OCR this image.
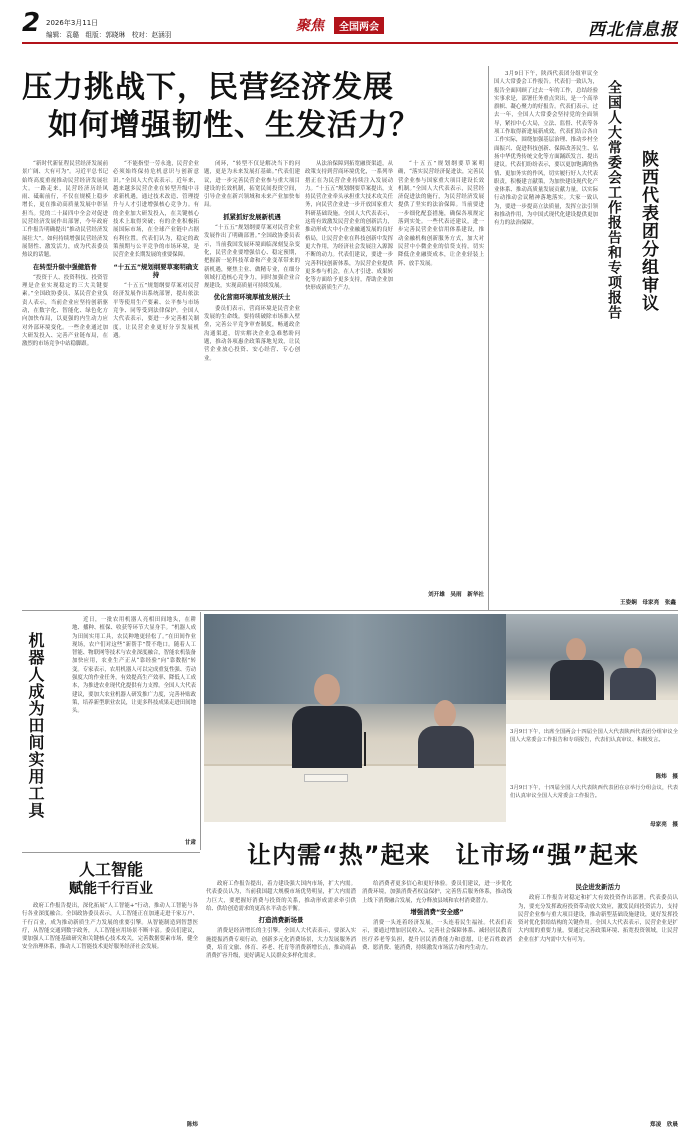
2 2026年3月11日
编辑：袁璐　组版：郭晓琳　校对：赵涵羽
聚焦	全国两会	西北信息报
压力挑战下，民营经济发展
如何增强韧性、生发活力？

“新时代新征程民营经济发展前景广阔、大有可为”。习近平总书记始终高度重视推动民营经济发展壮大。一路走来，民营经济历经风雨、砥砺前行，不仅在规模上稳步增长，更在推动高质量发展中彰显担当。党的二十届四中全会对促进民营经济发展作出部署，今年政府工作报告明确提出“推动民营经济发展壮大”。如何持续增强民营经济发展韧性、激发活力，成为代表委员热议的话题。

在转型升级中强健筋骨

“投资于人、投资科技、投资管理是企业实现稳定的三大关键要素。”全国政协委员、某民营企业负责人表示，当前企业应坚持创新驱动，在数字化、智能化、绿色化方向加快布局，以更强的内生动力应对外部环境变化。一些企业通过加大研发投入、完善产业链布局，在激烈的市场竞争中站稳脚跟。

“不能指望一劳永逸，民营企业必须始终保持危机意识与创新意识。”全国人大代表表示。近年来，越来越多民营企业在转型升级中寻求新机遇，通过技术改造、管理提升与人才引进增强核心竞争力。有的企业加大研发投入，在关键核心技术上取得突破；有的企业积极拓展国际市场，在全球产业链中占据有利位置。代表们认为，稳定的政策预期与公平竞争的市场环境，是民营企业长期发展的重要保障。

“十五五”规划纲要草案明确支持

“十五五”规划纲要草案对民营经济发展作出系统部署，提出依法平等使用生产要素、公平参与市场竞争、同等受到法律保护。全国人大代表表示，要进一步完善相关制度，让民营企业更好分享发展机遇。

闭环，“转型不仅是解决当下的问题，更是为未来发展打基础。”代表们建议，进一步完善民营企业参与重大项目建设的长效机制，拓宽民间投资空间，引导企业在新兴领域和未来产业加快布局。

抓紧抓好发展新机遇

“十五五”规划纲要草案对民营企业发展作出了明确部署。”全国政协委员表示，当前我国发展环境面临深刻复杂变化，民营企业要增强信心、稳定预期，把握新一轮科技革命和产业变革带来的新机遇，聚焦主业、做精专业，在细分领域打造核心竞争力，同时加强企业合规建设，实现高质量可持续发展。

优化营商环境厚植发展沃土

委员们表示，营商环境是民营企业发展的生命线。要持续破除市场准入壁垒，完善公平竞争审查制度，畅通政企沟通渠道，切实解决企业急难愁盼问题，推动各项惠企政策落地见效，让民营企业放心投资、安心经营、专心创业。

从法治保障到拓宽融资渠道，从政策支持到营商环境优化，一系列举措正在为民营企业持续注入发展动力。“十五五”规划纲要草案提出，支持民营企业牵头承担重大技术攻关任务，向民营企业进一步开放国家重大科研基础设施。全国人大代表表示，这将有效激发民营企业的创新活力，推动形成大中小企业融通发展的良好格局，让民营企业在科技创新中发挥更大作用，为经济社会发展注入源源不断的动力。代表们建议，要进一步完善科技创新体系，为民营企业提供更多参与机会，在人才引进、成果转化等方面给予更多支持，帮助企业加快形成新质生产力。

“十五五”规划纲要草案明确，“落实民营经济促进法，完善民营企业参与国家重大项目建设长效机制。”全国人大代表表示，民营经济促进法的施行，为民营经济发展提供了坚实的法治保障。当前要进一步细化配套措施，确保各项规定落到实处。一些代表还建议，进一步完善民营企业信用体系建设，推动金融机构创新服务方式，加大对民营中小微企业的信贷支持，切实降低企业融资成本，让企业轻装上阵、放手发展。

刘开雄　吴雨　新华社
陕西代表团分组审议
全国人大常委会工作报告和专项报告

3月9日下午，陕西代表团分组审议全国人大常委会工作报告。代表们一致认为，报告全面回顾了过去一年的工作，总结经验实事求是，部署任务重点突出，是一个高举旗帜、凝心聚力的好报告。代表们表示，过去一年，全国人大常委会坚持党的全面领导，紧扣中心大局，立法、监督、代表等各项工作取得新进展新成效。代表们结合各自工作实际，围绕加强基层治理、推动乡村全面振兴、促进科技创新、保障改善民生、弘扬中华优秀传统文化等方面踊跃发言、提出建议。代表们纷纷表示，要以更加饱满的热情、更加务实的作风，切实履行好人大代表职责，积极建言献策，为加快建设现代化产业体系、推动高质量发展贡献力量，以实际行动推动会议精神落地落实。大家一致认为，要进一步提高立法质量，发挥立法引领和推动作用，为中国式现代化建设提供更加有力的法治保障。

王姿娴　母家亮　张鑫
机器人成为田间实用工具

近日，一批农用机器人亮相田间地头，在耕地、播种、植保、收获等环节大显身手。“机器人成为田间实用工具，农民种地更轻松了。”在田间作业现场，农户们对这些“新帮手”赞不绝口。随着人工智能、物联网等技术与农业深度融合，智能农机装备加快应用，农业生产正从“靠经验”向“靠数据”转变。专家表示，农用机器人可以完成重复性强、劳动强度大的作业任务，有效提高生产效率、降低人工成本，为推进农业现代化提供有力支撑。全国人大代表建议，要加大农业机器人研发推广力度，完善补贴政策，培养新型职业农民，让更多科技成果走进田间地头。

甘肃

3月9日下午，出席全国两会十四届全国人大代表陕西代表团分组审议全国人大常委会工作报告和专项报告，代表们认真审议、积极发言。

陈炜　摄

3月9日下午，十四届全国人大代表陕西代表团在京举行分组会议，代表们认真审议全国人大常委会工作报告。

母家亮　摄
让内需“热”起来　让市场“强”起来
人工智能
赋能千行百业

政府工作报告提出，深化拓展“人工智能+”行动，推动人工智能与各行各业深度融合。全国政协委员表示，人工智能正在加速走进千家万户、千行百业，成为推动新质生产力发展的重要引擎。从智能制造到智慧医疗，从智能交通到数字政务，人工智能应用场景不断丰富。委员们建议，要加强人工智能基础研究和关键核心技术攻关，完善数据要素市场，健全安全治理体系，推动人工智能技术更好服务经济社会发展。

陈炜

政府工作报告提出，着力建设强大国内市场，扩大内需。代表委员认为，当前我国超大规模市场优势明显，扩大内需潜力巨大，要把握好消费与投资的关系，推动形成需求牵引供给、供给创造需求的更高水平动态平衡。

打造消费新场景

消费是经济增长的主引擎。全国人大代表表示，要深入实施提振消费专项行动，创新多元化消费场景，大力发展服务消费，培育文旅、体育、养老、托育等消费新增长点，推动商品消费扩容升级，更好满足人民群众多样化需求。

给消费者更多信心和更好体验。委员们建议，进一步优化消费环境，加强消费者权益保护，完善售后服务体系，推动线上线下消费融合发展，充分释放县域和农村消费潜力。

增强消费“安全感”

消费一头连着经济发展，一头连着民生福祉。代表们表示，要通过增加居民收入、完善社会保障体系、减轻居民教育医疗养老等负担，提升居民消费能力和意愿，让老百姓敢消费、愿消费、能消费，持续激发市场活力和内生动力。

民企进发新活力

政府工作报告对稳定和扩大有效投资作出部署。代表委员认为，要充分发挥政府投资带动放大效应，激发民间投资活力，支持民营企业参与重大项目建设，推动新型基础设施建设，更好发挥投资对优化供给结构的关键作用。全国人大代表表示，民营企业是扩大内需的重要力量，要通过完善政策环境、拓宽投资领域，让民营企业在扩大内需中大有可为。

郑凌　欣晨
